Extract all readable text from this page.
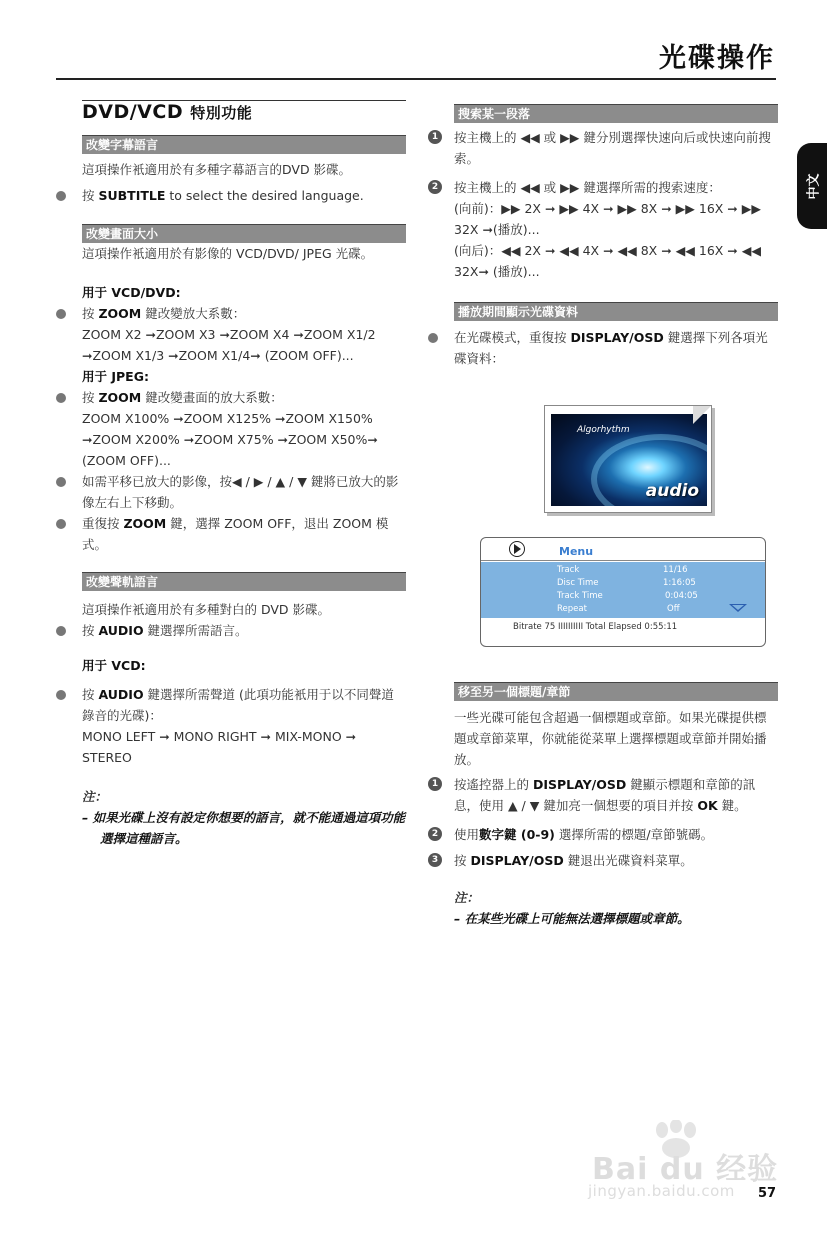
光碟操作
中文
DVD/VCD 特別功能
改變字幕語言
這項操作衹適用於有多種字幕語言的DVD 影碟。
按 SUBTITLE to select the desired language.
改變畫面大小
這項操作衹適用於有影像的 VCD/DVD/ JPEG 光碟。
用于 VCD/DVD:
按 ZOOM 鍵改變放大系數：
ZOOM X2 ➞ZOOM X3 ➞ZOOM X4 ➞ZOOM X1/2 ➞ZOOM X1/3 ➞ZOOM X1/4➞ (ZOOM OFF)...
用于 JPEG:
按 ZOOM 鍵改變畫面的放大系數：
ZOOM X100% ➞ZOOM X125% ➞ZOOM X150% ➞ZOOM X200% ➞ZOOM X75% ➞ZOOM X50%➞ (ZOOM OFF)...
如需平移已放大的影像，按◀ / ▶ / ▲ / ▼ 鍵將已放大的影像左右上下移動。
重復按 ZOOM 鍵，選擇 ZOOM OFF，退出 ZOOM 模式。
改變聲軌語言
這項操作衹適用於有多種對白的 DVD 影碟。
按 AUDIO 鍵選擇所需語言。
用于 VCD:
按 AUDIO 鍵選擇所需聲道 (此項功能衹用于以不同聲道錄音的光碟)：
MONO LEFT ➞ MONO RIGHT ➞ MIX-MONO ➞ STEREO
注：
– 如果光碟上沒有設定你想要的語言，就不能通過這項功能選擇這種語言。
搜索某一段落
1	按主機上的 ◀◀ 或 ▶▶ 鍵分別選擇快速向后或快速向前搜索。
2	按主機上的 ◀◀ 或 ▶▶ 鍵選擇所需的搜索速度：
(向前)：▶▶ 2X ➞ ▶▶ 4X ➞ ▶▶ 8X ➞ ▶▶ 16X ➞ ▶▶ 32X ➞(播放)...
(向后)：◀◀ 2X ➞ ◀◀ 4X ➞ ◀◀ 8X ➞ ◀◀ 16X ➞ ◀◀ 32X➞ (播放)...
播放期間顯示光碟資料
在光碟模式，重復按 DISPLAY/OSD 鍵選擇下列各項光碟資料：
Algorhythm
audio
Menu
Track	11/16
Disc Time	1:16:05
Track Time	0:04:05
Repeat	Off
Bitrate 75 IIIIIIIIII Total Elapsed 0:55:11
移至另一個標題/章節
一些光碟可能包含超過一個標題或章節。如果光碟提供標題或章節菜單，你就能從菜單上選擇標題或章節并開始播放。
1	按遙控器上的 DISPLAY/OSD 鍵顯示標題和章節的訊息，使用 ▲ / ▼ 鍵加亮一個想要的項目并按 OK 鍵。
2	使用數字鍵 (0-9) 選擇所需的標題/章節號碼。
3	按 DISPLAY/OSD 鍵退出光碟資料菜單。
注：
– 在某些光碟上可能無法選擇標題或章節。
Bai du 经验
jingyan.baidu.com 57
